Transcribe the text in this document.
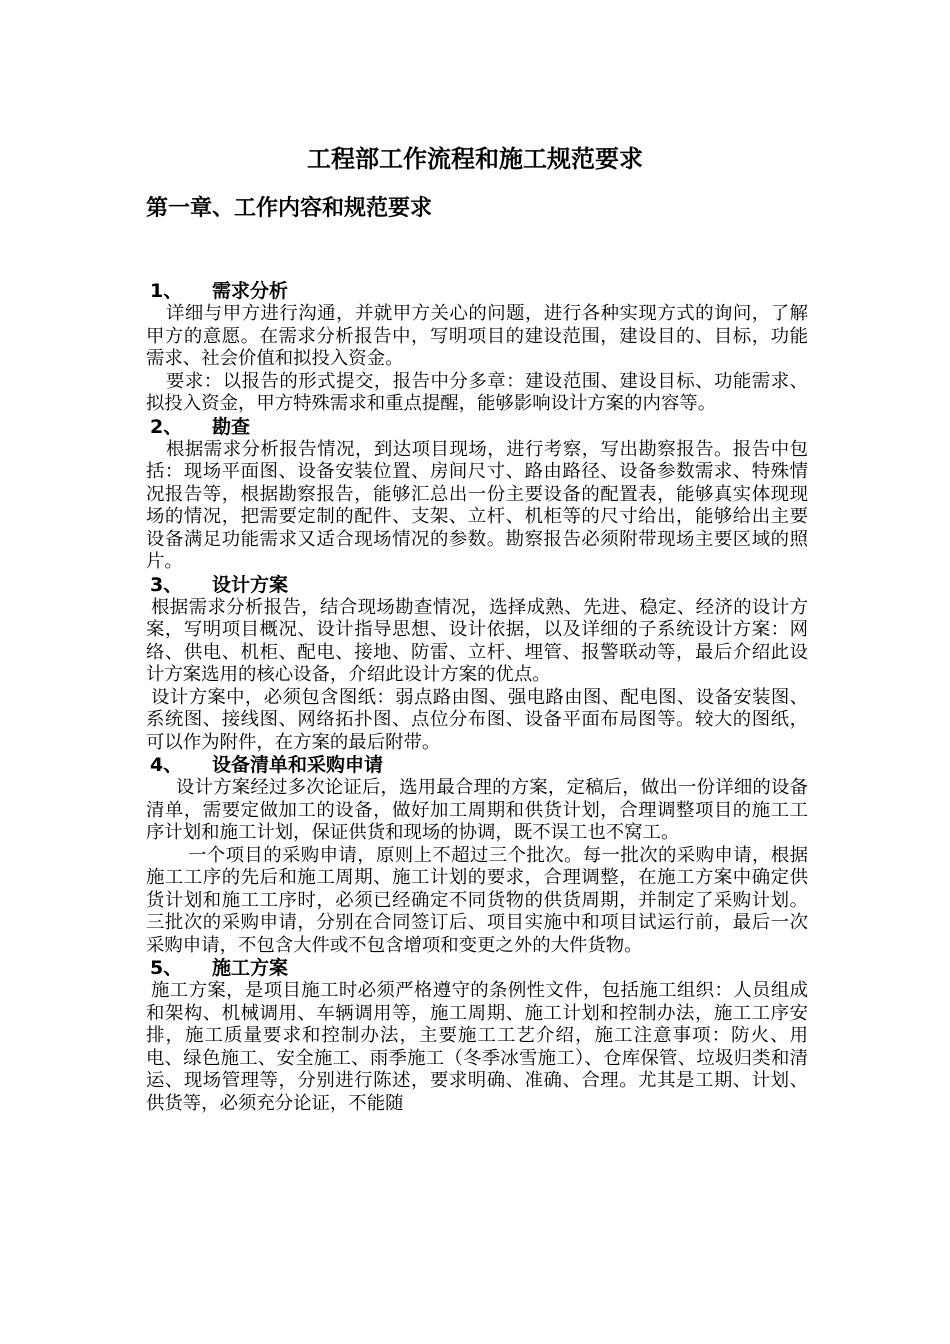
工程部工作流程和施工规范要求
第一章、工作内容和规范要求
1、 需求分析

详细与甲方进行沟通，并就甲方关心的问题，进行各种实现方式的询问，了解甲方的意愿。在需求分析报告中，写明项目的建设范围，建设目的、目标，功能需求、社会价值和拟投入资金。

要求：以报告的形式提交，报告中分多章：建设范围、建设目标、功能需求、拟投入资金，甲方特殊需求和重点提醒，能够影响设计方案的内容等。

2、 勘查

根据需求分析报告情况，到达项目现场，进行考察，写出勘察报告。报告中包括：现场平面图、设备安装位置、房间尺寸、路由路径、设备参数需求、特殊情况报告等，根据勘察报告，能够汇总出一份主要设备的配置表，能够真实体现现场的情况，把需要定制的配件、支架、立杆、机柜等的尺寸给出，能够给出主要设备满足功能需求又适合现场情况的参数。勘察报告必须附带现场主要区域的照片。

3、 设计方案

根据需求分析报告，结合现场勘查情况，选择成熟、先进、稳定、经济的设计方案，写明项目概况、设计指导思想、设计依据，以及详细的子系统设计方案：网络、供电、机柜、配电、接地、防雷、立杆、埋管、报警联动等，最后介绍此设计方案选用的核心设备，介绍此设计方案的优点。

设计方案中，必须包含图纸：弱点路由图、强电路由图、配电图、设备安装图、系统图、接线图、网络拓扑图、点位分布图、设备平面布局图等。较大的图纸，可以作为附件，在方案的最后附带。

4、 设备清单和采购申请

设计方案经过多次论证后，选用最合理的方案，定稿后，做出一份详细的设备清单，需要定做加工的设备，做好加工周期和供货计划，合理调整项目的施工工序计划和施工计划，保证供货和现场的协调，既不误工也不窝工。

一个项目的采购申请，原则上不超过三个批次。每一批次的采购申请，根据施工工序的先后和施工周期、施工计划的要求，合理调整，在施工方案中确定供货计划和施工工序时，必须已经确定不同货物的供货周期，并制定了采购计划。三批次的采购申请，分别在合同签订后、项目实施中和项目试运行前，最后一次采购申请，不包含大件或不包含增项和变更之外的大件货物。

5、 施工方案

施工方案，是项目施工时必须严格遵守的条例性文件，包括施工组织：人员组成和架构、机械调用、车辆调用等，施工周期、施工计划和控制办法，施工工序安排，施工质量要求和控制办法，主要施工工艺介绍，施工注意事项：防火、用电、绿色施工、安全施工、雨季施工（冬季冰雪施工）、仓库保管、垃圾归类和清运、现场管理等，分别进行陈述，要求明确、准确、合理。尤其是工期、计划、供货等，必须充分论证，不能随
